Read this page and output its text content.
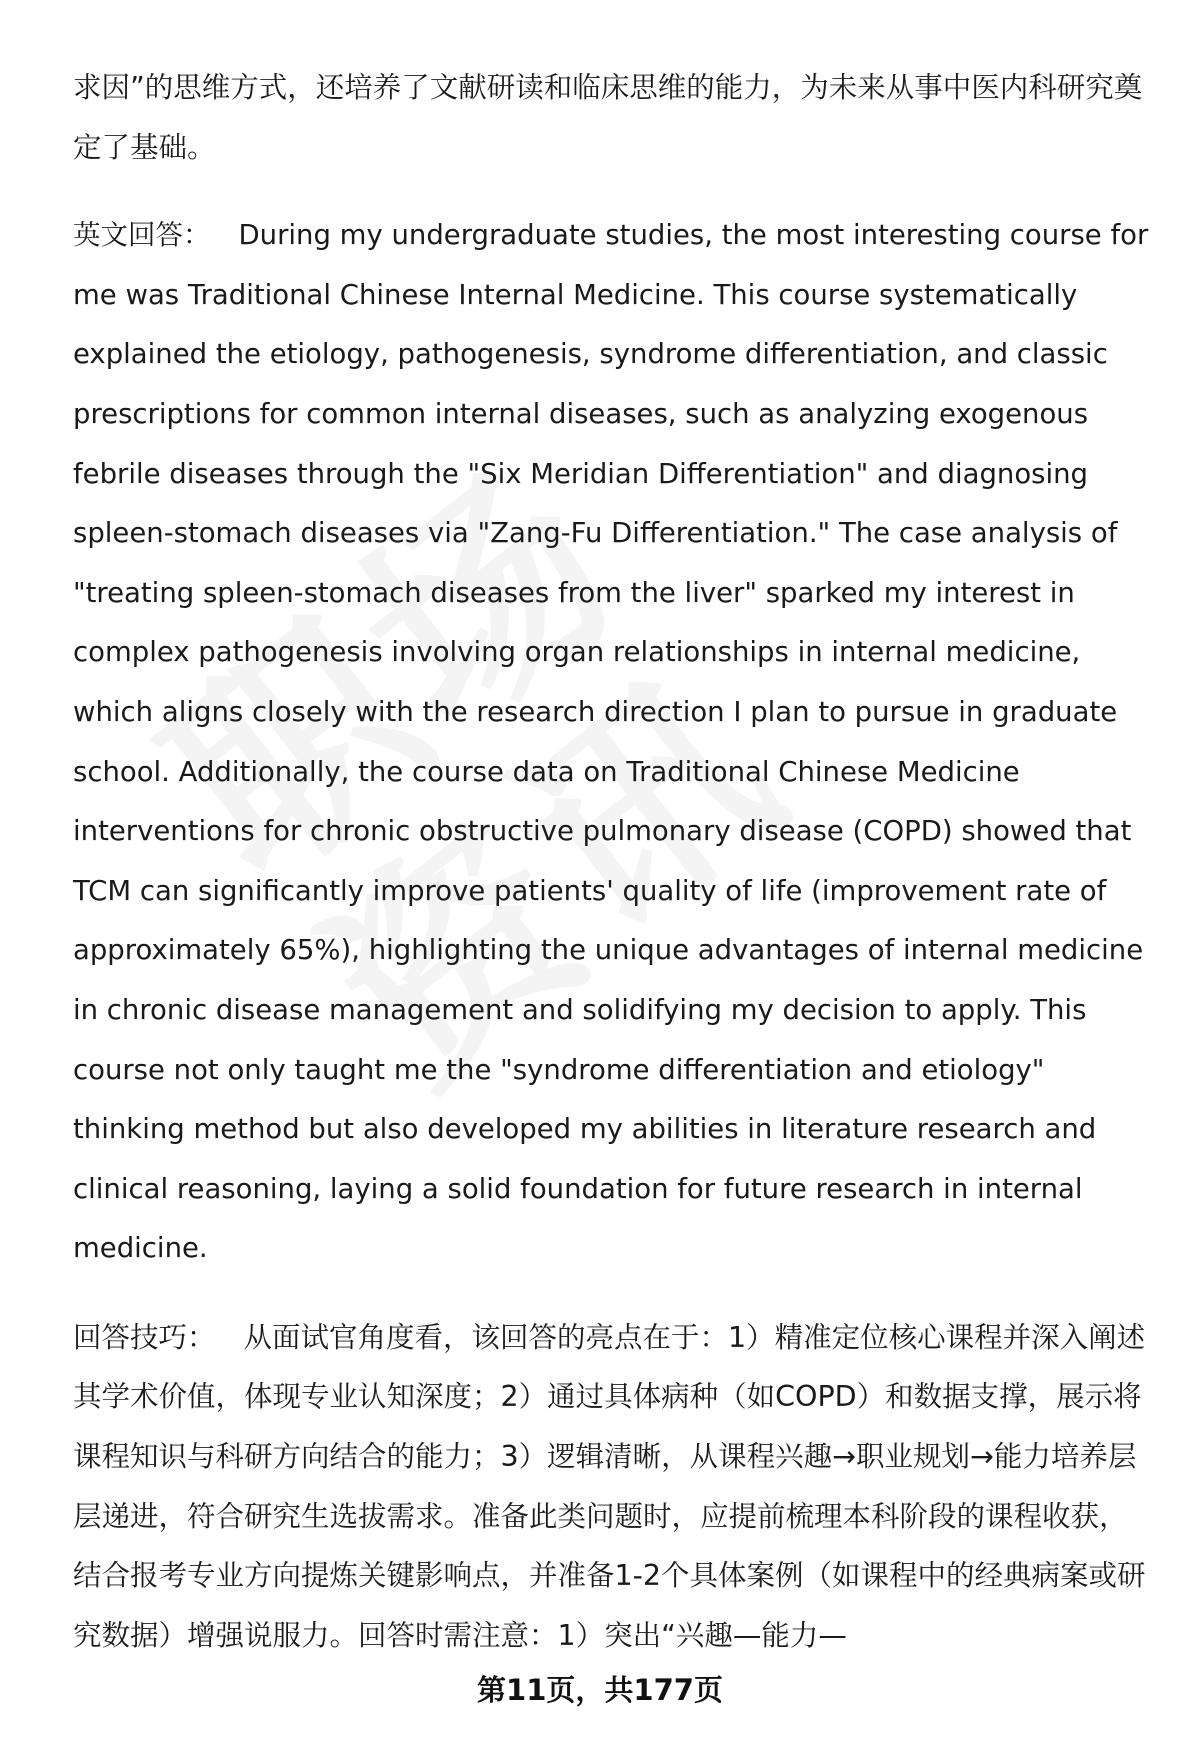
求因”的思维方式，还培养了文献研读和临床思维的能力，为未来从事中医内科研究奠定了基础。

英文回答： During my undergraduate studies, the most interesting course for me was Traditional Chinese Internal Medicine. This course systematically explained the etiology, pathogenesis, syndrome differentiation, and classic prescriptions for common internal diseases, such as analyzing exogenous febrile diseases through the "Six Meridian Differentiation" and diagnosing spleen-stomach diseases via "Zang-Fu Differentiation." The case analysis of "treating spleen-stomach diseases from the liver" sparked my interest in complex pathogenesis involving organ relationships in internal medicine, which aligns closely with the research direction I plan to pursue in graduate school. Additionally, the course data on Traditional Chinese Medicine interventions for chronic obstructive pulmonary disease (COPD) showed that TCM can significantly improve patients' quality of life (improvement rate of approximately 65%), highlighting the unique advantages of internal medicine in chronic disease management and solidifying my decision to apply. This course not only taught me the "syndrome differentiation and etiology" thinking method but also developed my abilities in literature research and clinical reasoning, laying a solid foundation for future research in internal medicine.

回答技巧： 从面试官角度看，该回答的亮点在于：1）精准定位核心课程并深入阐述其学术价值，体现专业认知深度；2）通过具体病种（如COPD）和数据支撑，展示将课程知识与科研方向结合的能力；3）逻辑清晰，从课程兴趣→职业规划→能力培养层层递进，符合研究生选拔需求。准备此类问题时，应提前梳理本科阶段的课程收获，结合报考专业方向提炼关键影响点，并准备1-2个具体案例（如课程中的经典病案或研究数据）增强说服力。回答时需注意：1）突出“兴趣—能力—

第11页，共177页
